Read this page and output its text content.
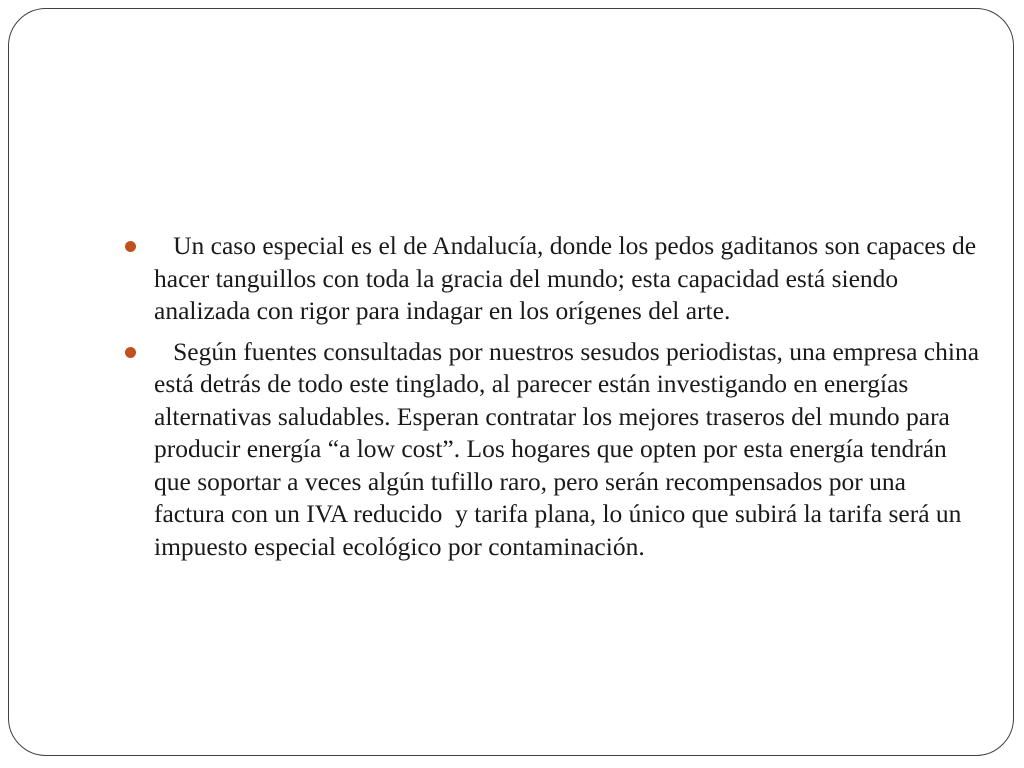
Un caso especial es el de Andalucía, donde los pedos gaditanos son capaces de hacer tanguillos con toda la gracia del mundo; esta capacidad está siendo analizada con rigor para indagar en los orígenes del arte.
Según fuentes consultadas por nuestros sesudos periodistas, una empresa china está detrás de todo este tinglado, al parecer están investigando en energías alternativas saludables. Esperan contratar los mejores traseros del mundo para producir energía “a low cost”. Los hogares que opten por esta energía tendrán que soportar a veces algún tufillo raro, pero serán recompensados por una factura con un IVA reducido  y tarifa plana, lo único que subirá la tarifa será un impuesto especial ecológico por contaminación.
